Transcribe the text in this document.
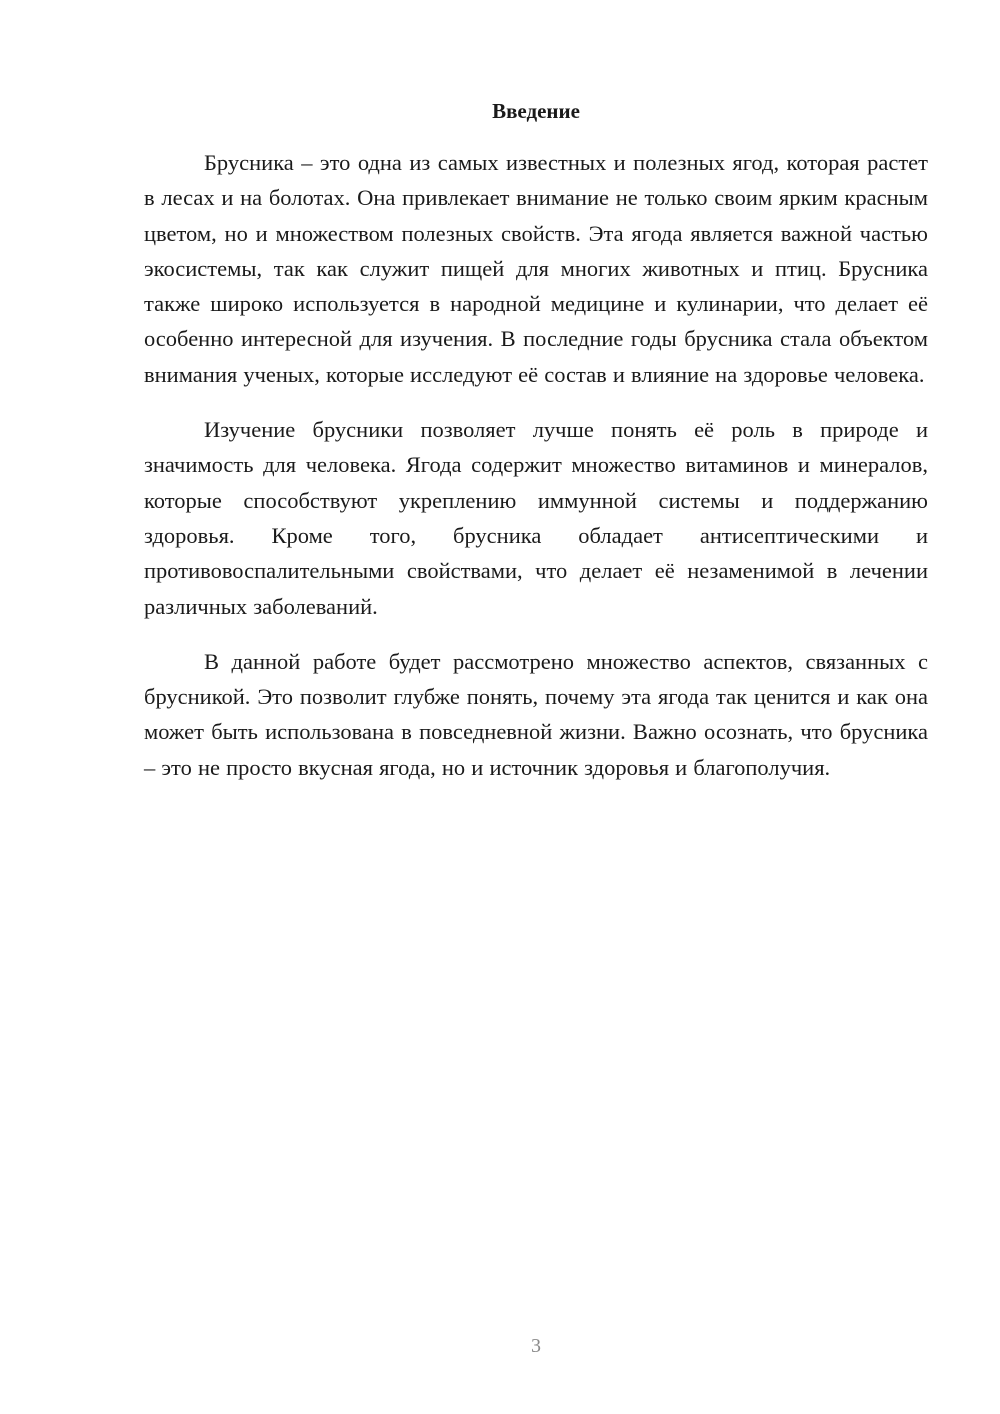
Введение

Брусника – это одна из самых известных и полезных ягод, которая растет в лесах и на болотах. Она привлекает внимание не только своим ярким красным цветом, но и множеством полезных свойств. Эта ягода является важной частью экосистемы, так как служит пищей для многих животных и птиц. Брусника также широко используется в народной медицине и кулинарии, что делает её особенно интересной для изучения. В последние годы брусника стала объектом внимания ученых, которые исследуют её состав и влияние на здоровье человека.

Изучение брусники позволяет лучше понять её роль в природе и значимость для человека. Ягода содержит множество витаминов и минералов, которые способствуют укреплению иммунной системы и поддержанию здоровья. Кроме того, брусника обладает антисептическими и противовоспалительными свойствами, что делает её незаменимой в лечении различных заболеваний.

В данной работе будет рассмотрено множество аспектов, связанных с брусникой. Это позволит глубже понять, почему эта ягода так ценится и как она может быть использована в повседневной жизни. Важно осознать, что брусника – это не просто вкусная ягода, но и источник здоровья и благополучия.

3
